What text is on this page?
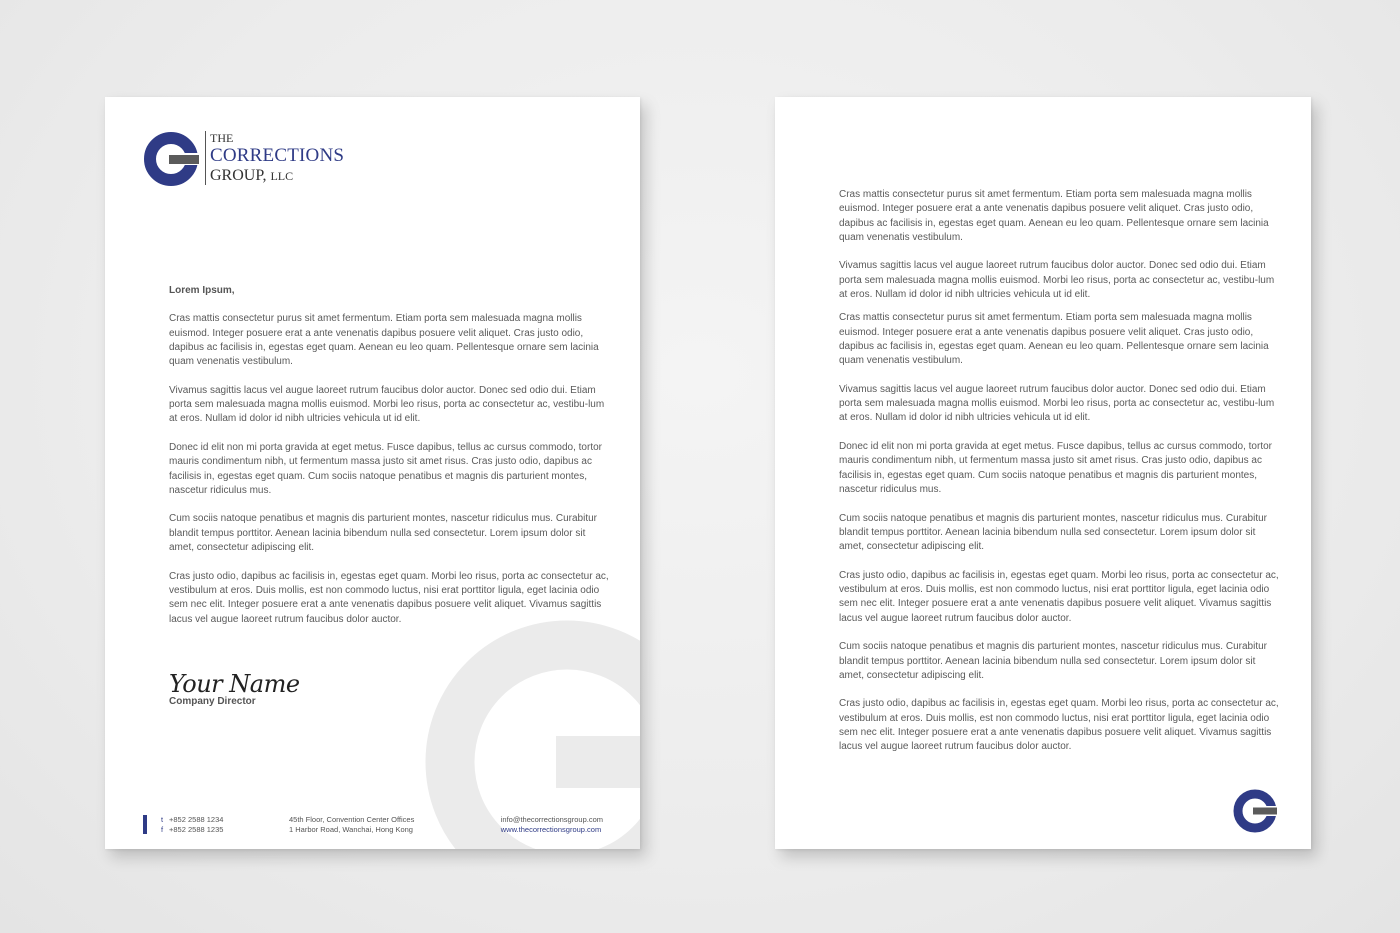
THE
CORRECTIONS
GROUP, LLC

Lorem Ipsum,

Cras mattis consectetur purus sit amet fermentum. Etiam porta sem malesuada magna mollis euismod. Integer posuere erat a ante venenatis dapibus posuere velit aliquet. Cras justo odio, dapibus ac facilisis in, egestas eget quam. Aenean eu leo quam. Pellentesque ornare sem lacinia quam venenatis vestibulum.

Vivamus sagittis lacus vel augue laoreet rutrum faucibus dolor auctor. Donec sed odio dui. Etiam porta sem malesuada magna mollis euismod. Morbi leo risus, porta ac consectetur ac, vestibu-lum at eros. Nullam id dolor id nibh ultricies vehicula ut id elit.

Donec id elit non mi porta gravida at eget metus. Fusce dapibus, tellus ac cursus commodo, tortor mauris condimentum nibh, ut fermentum massa justo sit amet risus. Cras justo odio, dapibus ac facilisis in, egestas eget quam. Cum sociis natoque penatibus et magnis dis parturient montes, nascetur ridiculus mus.

Cum sociis natoque penatibus et magnis dis parturient montes, nascetur ridiculus mus. Curabitur blandit tempus porttitor. Aenean lacinia bibendum nulla sed consectetur. Lorem ipsum dolor sit amet, consectetur adipiscing elit.

Cras justo odio, dapibus ac facilisis in, egestas eget quam. Morbi leo risus, porta ac consectetur ac, vestibulum at eros. Duis mollis, est non commodo luctus, nisi erat porttitor ligula, eget lacinia odio sem nec elit. Integer posuere erat a ante venenatis dapibus posuere velit aliquet. Vivamus sagittis lacus vel augue laoreet rutrum faucibus dolor auctor.

Your Name
Company Director
t +852 2588 1234
f +852 2588 1235
45th Floor, Convention Center Offices
1 Harbor Road, Wanchai, Hong Kong
info@thecorrectionsgroup.com
www.thecorrectionsgroup.com

Cras mattis consectetur purus sit amet fermentum. Etiam porta sem malesuada magna mollis euismod. Integer posuere erat a ante venenatis dapibus posuere velit aliquet. Cras justo odio, dapibus ac facilisis in, egestas eget quam. Aenean eu leo quam. Pellentesque ornare sem lacinia quam venenatis vestibulum.

Vivamus sagittis lacus vel augue laoreet rutrum faucibus dolor auctor. Donec sed odio dui. Etiam porta sem malesuada magna mollis euismod. Morbi leo risus, porta ac consectetur ac, vestibu-lum at eros. Nullam id dolor id nibh ultricies vehicula ut id elit.

Cras mattis consectetur purus sit amet fermentum. Etiam porta sem malesuada magna mollis euismod. Integer posuere erat a ante venenatis dapibus posuere velit aliquet. Cras justo odio, dapibus ac facilisis in, egestas eget quam. Aenean eu leo quam. Pellentesque ornare sem lacinia quam venenatis vestibulum.

Vivamus sagittis lacus vel augue laoreet rutrum faucibus dolor auctor. Donec sed odio dui. Etiam porta sem malesuada magna mollis euismod. Morbi leo risus, porta ac consectetur ac, vestibu-lum at eros. Nullam id dolor id nibh ultricies vehicula ut id elit.

Donec id elit non mi porta gravida at eget metus. Fusce dapibus, tellus ac cursus commodo, tortor mauris condimentum nibh, ut fermentum massa justo sit amet risus. Cras justo odio, dapibus ac facilisis in, egestas eget quam. Cum sociis natoque penatibus et magnis dis parturient montes, nascetur ridiculus mus.

Cum sociis natoque penatibus et magnis dis parturient montes, nascetur ridiculus mus. Curabitur blandit tempus porttitor. Aenean lacinia bibendum nulla sed consectetur. Lorem ipsum dolor sit amet, consectetur adipiscing elit.

Cras justo odio, dapibus ac facilisis in, egestas eget quam. Morbi leo risus, porta ac consectetur ac, vestibulum at eros. Duis mollis, est non commodo luctus, nisi erat porttitor ligula, eget lacinia odio sem nec elit. Integer posuere erat a ante venenatis dapibus posuere velit aliquet. Vivamus sagittis lacus vel augue laoreet rutrum faucibus dolor auctor.

Cum sociis natoque penatibus et magnis dis parturient montes, nascetur ridiculus mus. Curabitur blandit tempus porttitor. Aenean lacinia bibendum nulla sed consectetur. Lorem ipsum dolor sit amet, consectetur adipiscing elit.

Cras justo odio, dapibus ac facilisis in, egestas eget quam. Morbi leo risus, porta ac consectetur ac, vestibulum at eros. Duis mollis, est non commodo luctus, nisi erat porttitor ligula, eget lacinia odio sem nec elit. Integer posuere erat a ante venenatis dapibus posuere velit aliquet. Vivamus sagittis lacus vel augue laoreet rutrum faucibus dolor auctor.
